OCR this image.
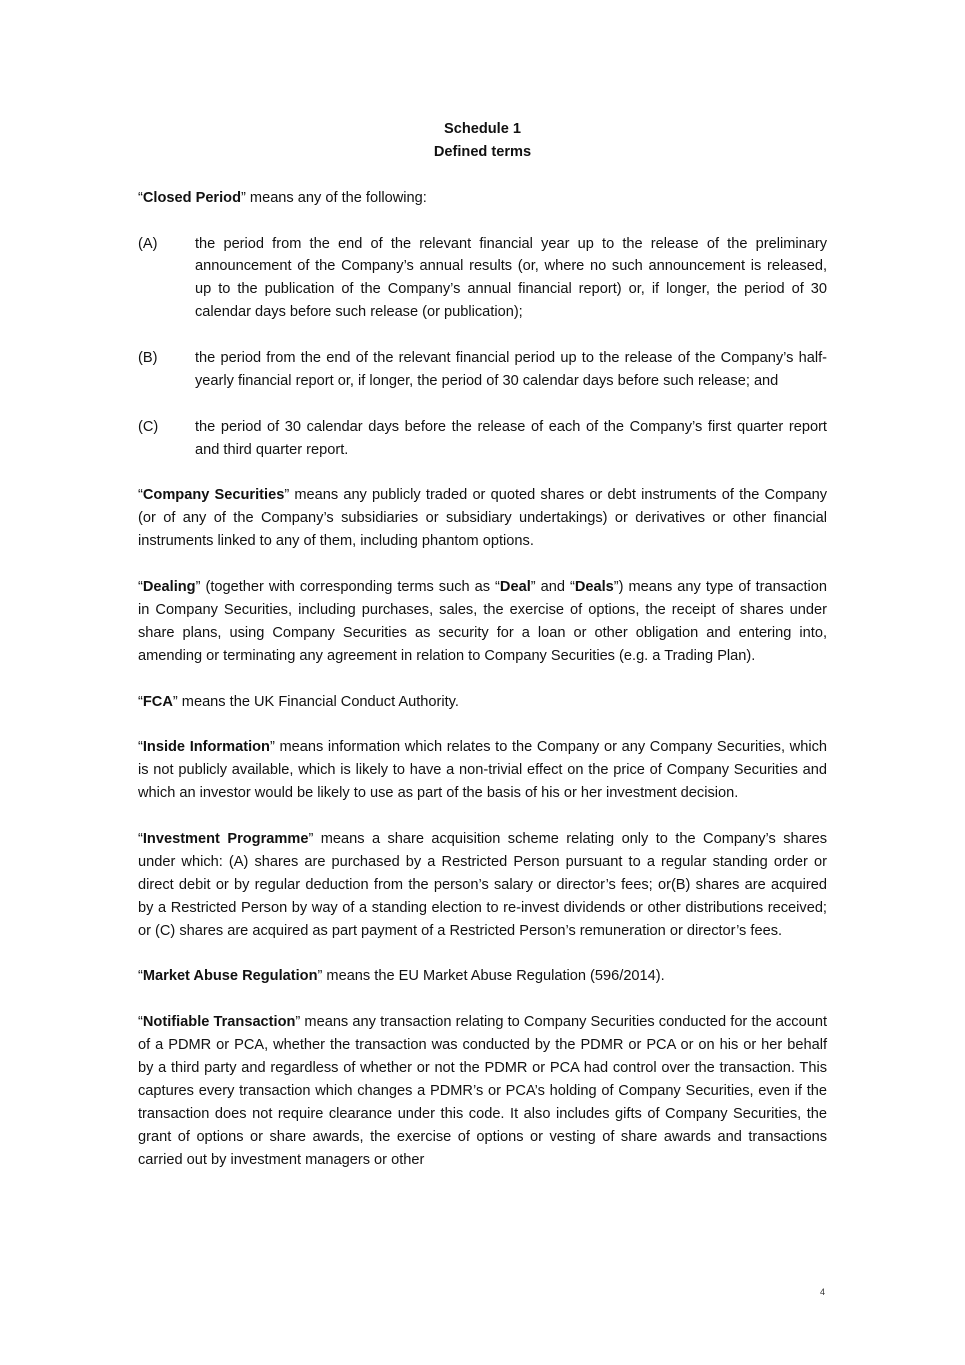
Schedule 1

Defined terms

“Closed Period” means any of the following:

(A)	the period from the end of the relevant financial year up to the release of the preliminary announcement of the Company’s annual results (or, where no such announcement is released, up to the publication of the Company’s annual financial report) or, if longer, the period of 30 calendar days before such release (or publication);
(B)	the period from the end of the relevant financial period up to the release of the Company’s half-yearly financial report or, if longer, the period of 30 calendar days before such release; and
(C)	the period of 30 calendar days before the release of each of the Company’s first quarter report and third quarter report.

“Company Securities” means any publicly traded or quoted shares or debt instruments of the Company (or of any of the Company’s subsidiaries or subsidiary undertakings) or derivatives or other financial instruments linked to any of them, including phantom options.

“Dealing” (together with corresponding terms such as “Deal” and “Deals”) means any type of transaction in Company Securities, including purchases, sales, the exercise of options, the receipt of shares under share plans, using Company Securities as security for a loan or other obligation and entering into, amending or terminating any agreement in relation to Company Securities (e.g. a Trading Plan).

“FCA” means the UK Financial Conduct Authority.

“Inside Information” means information which relates to the Company or any Company Securities, which is not publicly available, which is likely to have a non-trivial effect on the price of Company Securities and which an investor would be likely to use as part of the basis of his or her investment decision.

“Investment Programme” means a share acquisition scheme relating only to the Company’s shares under which: (A) shares are purchased by a Restricted Person pursuant to a regular standing order or direct debit or by regular deduction from the person’s salary or director’s fees; or(B) shares are acquired by a Restricted Person by way of a standing election to re-invest dividends or other distributions received; or (C) shares are acquired as part payment of a Restricted Person’s remuneration or director’s fees.

“Market Abuse Regulation” means the EU Market Abuse Regulation (596/2014).

“Notifiable Transaction” means any transaction relating to Company Securities conducted for the account of a PDMR or PCA, whether the transaction was conducted by the PDMR or PCA or on his or her behalf by a third party and regardless of whether or not the PDMR or PCA had control over the transaction. This captures every transaction which changes a PDMR’s or PCA’s holding of Company Securities, even if the transaction does not require clearance under this code. It also includes gifts of Company Securities, the grant of options or share awards, the exercise of options or vesting of share awards and transactions carried out by investment managers or other

4
